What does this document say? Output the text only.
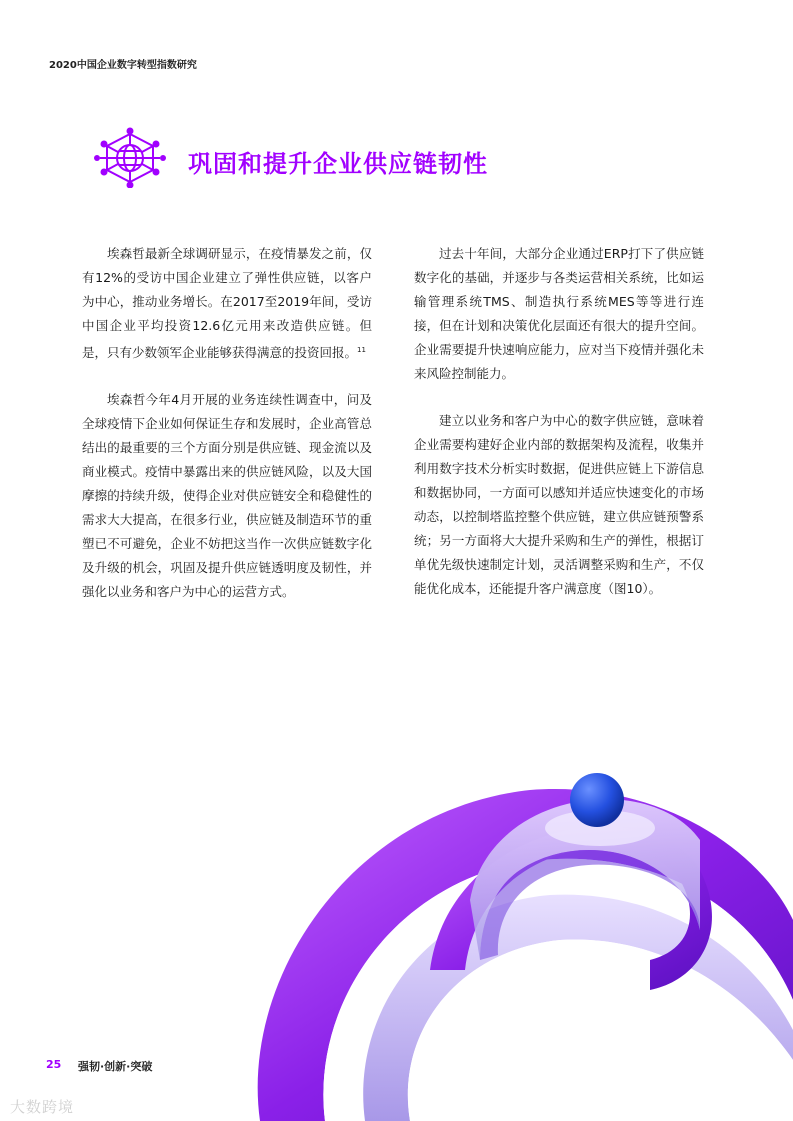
2020中国企业数字转型指数研究
巩固和提升企业供应链韧性

埃森哲最新全球调研显示，在疫情暴发之前，仅有12%的受访中国企业建立了弹性供应链，以客户为中心，推动业务增长。在2017至2019年间，受访中国企业平均投资12.6亿元用来改造供应链。但是，只有少数领军企业能够获得满意的投资回报。$^{11}$

埃森哲今年4月开展的业务连续性调查中，问及全球疫情下企业如何保证生存和发展时，企业高管总结出的最重要的三个方面分别是供应链、现金流以及商业模式。疫情中暴露出来的供应链风险，以及大国摩擦的持续升级，使得企业对供应链安全和稳健性的需求大大提高，在很多行业，供应链及制造环节的重塑已不可避免，企业不妨把这当作一次供应链数字化及升级的机会，巩固及提升供应链透明度及韧性，并强化以业务和客户为中心的运营方式。

过去十年间，大部分企业通过ERP打下了供应链数字化的基础，并逐步与各类运营相关系统，比如运输管理系统TMS、制造执行系统MES等等进行连接，但在计划和决策优化层面还有很大的提升空间。企业需要提升快速响应能力，应对当下疫情并强化未来风险控制能力。

建立以业务和客户为中心的数字供应链，意味着企业需要构建好企业内部的数据架构及流程，收集并利用数字技术分析实时数据，促进供应链上下游信息和数据协同，一方面可以感知并适应快速变化的市场动态，以控制塔监控整个供应链，建立供应链预警系统；另一方面将大大提升采购和生产的弹性，根据订单优先级快速制定计划，灵活调整采购和生产，不仅能优化成本，还能提升客户满意度（图10）。

25 强韧·创新·突破
大数跨境
